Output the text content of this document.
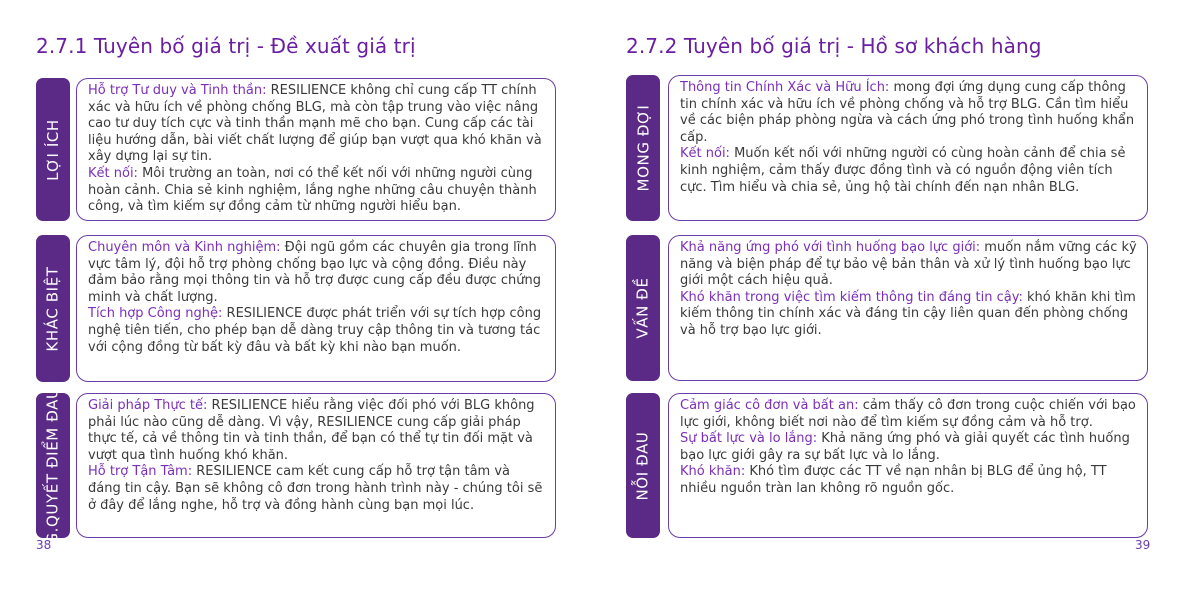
2.7.1 Tuyên bố giá trị - Đề xuất giá trị
LỢI ÍCH

Hỗ trợ Tư duy và Tinh thần: RESILIENCE không chỉ cung cấp TT chính xác và hữu ích về phòng chống BLG, mà còn tập trung vào việc nâng cao tư duy tích cực và tinh thần mạnh mẽ cho bạn. Cung cấp các tài liệu hướng dẫn, bài viết chất lượng để giúp bạn vượt qua khó khăn và xây dựng lại sự tin.

Kết nối: Môi trường an toàn, nơi có thể kết nối với những người cùng hoàn cảnh. Chia sẻ kinh nghiệm, lắng nghe những câu chuyện thành công, và tìm kiếm sự đồng cảm từ những người hiểu bạn.

KHÁC BIỆT

Chuyên môn và Kinh nghiệm: Đội ngũ gồm các chuyên gia trong lĩnh vực tâm lý, đội hỗ trợ phòng chống bạo lực và cộng đồng. Điều này đảm bảo rằng mọi thông tin và hỗ trợ được cung cấp đều được chứng minh và chất lượng.

Tích hợp Công nghệ: RESILIENCE được phát triển với sự tích hợp công nghệ tiên tiến, cho phép bạn dễ dàng truy cập thông tin và tương tác với cộng đồng từ bất kỳ đâu và bất kỳ khi nào bạn muốn.

G.QUYẾT ĐIỂM ĐAU Giải pháp Thực tế: RESILIENCE hiểu rằng việc đối phó với BLG không phải lúc nào cũng dễ dàng. Vì vậy, RESILIENCE cung cấp giải pháp thực tế, cả về thông tin và tinh thần, để bạn có thể tự tin đối mặt và vượt qua tình huống khó khăn.

Hỗ trợ Tận Tâm: RESILIENCE cam kết cung cấp hỗ trợ tận tâm và đáng tin cậy. Bạn sẽ không cô đơn trong hành trình này - chúng tôi sẽ ở đây để lắng nghe, hỗ trợ và đồng hành cùng bạn mọi lúc.

38
2.7.2 Tuyên bố giá trị - Hồ sơ khách hàng
MONG ĐỢI

Thông tin Chính Xác và Hữu Ích: mong đợi ứng dụng cung cấp thông tin chính xác và hữu ích về phòng chống và hỗ trợ BLG. Cần tìm hiểu về các biện pháp phòng ngừa và cách ứng phó trong tình huống khẩn cấp.

Kết nối: Muốn kết nối với những người có cùng hoàn cảnh để chia sẻ kinh nghiệm, cảm thấy được đồng tình và có nguồn động viên tích cực. Tìm hiểu và chia sẻ, ủng hộ tài chính đến nạn nhân BLG.

VẤN ĐỀ

Khả năng ứng phó với tình huống bạo lực giới: muốn nắm vững các kỹ năng và biện pháp để tự bảo vệ bản thân và xử lý tình huống bạo lực giới một cách hiệu quả.

Khó khăn trong việc tìm kiếm thông tin đáng tin cậy: khó khăn khi tìm kiếm thông tin chính xác và đáng tin cậy liên quan đến phòng chống và hỗ trợ bạo lực giới.

NỖI ĐAU

Cảm giác cô đơn và bất an: cảm thấy cô đơn trong cuộc chiến với bạo lực giới, không biết nơi nào để tìm kiếm sự đồng cảm và hỗ trợ.

Sự bất lực và lo lắng: Khả năng ứng phó và giải quyết các tình huống bạo lực giới gây ra sự bất lực và lo lắng.

Khó khăn: Khó tìm được các TT về nạn nhân bị BLG để ủng hộ, TT nhiều nguồn tràn lan không rõ nguồn gốc.

39
